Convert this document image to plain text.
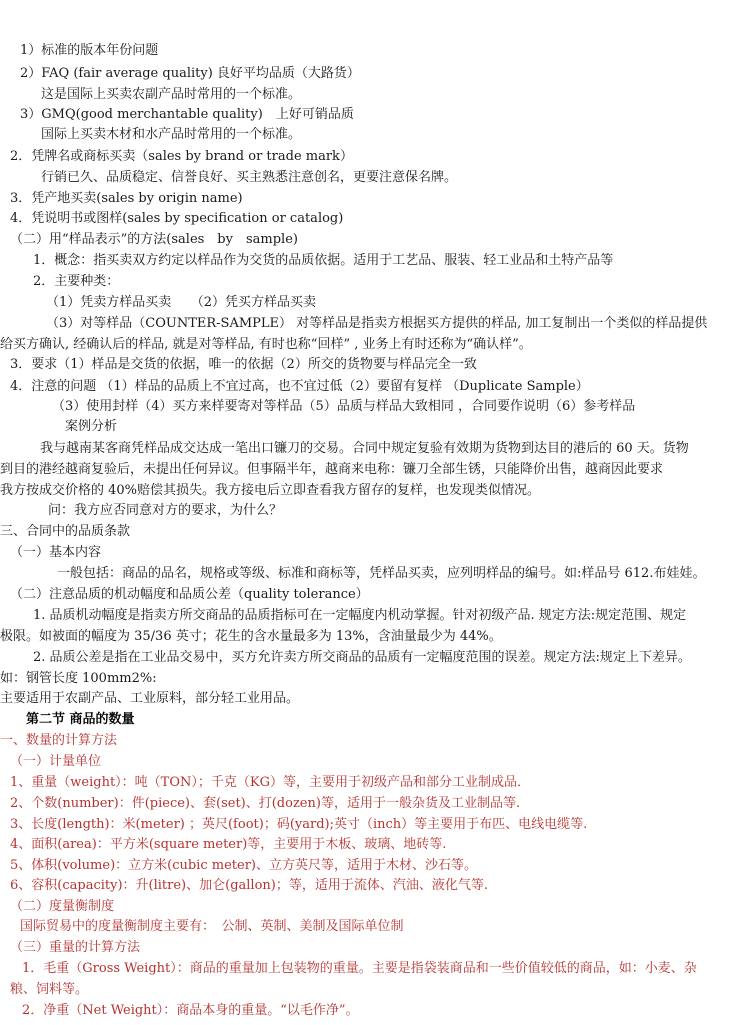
1）标准的版本年份问题
2）FAQ (fair average quality) 良好平均品质（大路货）
这是国际上买卖农副产品时常用的一个标准。
3）GMQ(good merchantable quality)　上好可销品质
国际上买卖木材和水产品时常用的一个标准。
2．凭牌名或商标买卖（sales by brand or trade mark）
行销已久、品质稳定、信誉良好、买主熟悉注意创名，更要注意保名牌。
3．凭产地买卖(sales by origin name)
4．凭说明书或图样(sales by specification or catalog)
（二）用“样品表示”的方法(sales　by　sample)
1．概念：指买卖双方约定以样品作为交货的品质依据。适用于工艺品、服装、轻工业品和土特产品等
2．主要种类：
（1）凭卖方样品买卖　　（2）凭买方样品买卖
（3）对等样品（COUNTER-SAMPLE） 对等样品是指卖方根据买方提供的样品, 加工复制出一个类似的样品提供
给买方确认, 经确认后的样品, 就是对等样品, 有时也称“回样” , 业务上有时还称为“确认样”。
3．要求（1）样品是交货的依据，唯一的依据（2）所交的货物要与样品完全一致
4．注意的问题 （1）样品的品质上不宜过高，也不宜过低（2）要留有复样 （Duplicate Sample）
（3）使用封样（4）买方来样要寄对等样品（5）品质与样品大致相同 ，合同要作说明（6）参考样品
案例分析
我与越南某客商凭样品成交达成一笔出口镰刀的交易。合同中规定复验有效期为货物到达目的港后的 60 天。货物
到目的港经越商复验后，未提出任何异议。但事隔半年，越商来电称：镰刀全部生锈，只能降价出售，越商因此要求
我方按成交价格的 40%赔偿其损失。我方接电后立即查看我方留存的复样，也发现类似情况。
问：我方应否同意对方的要求，为什么？
三、合同中的品质条款
（一）基本内容
一般包括：商品的品名，规格或等级、标准和商标等，凭样品买卖，应列明样品的编号。如:样品号 612.布娃娃。
（二）注意品质的机动幅度和品质公差（quality tolerance）
1. 品质机动幅度是指卖方所交商品的品质指标可在一定幅度内机动掌握。针对初级产品. 规定方法:规定范围、规定
极限。如被面的幅度为 35/36 英寸；花生的含水量最多为 13%，含油量最少为 44%。
2. 品质公差是指在工业品交易中，买方允许卖方所交商品的品质有一定幅度范围的误差。规定方法:规定上下差异。
如：钢管长度 100mm2%:
主要适用于农副产品、工业原料，部分轻工业用品。
第二节 商品的数量
一、数量的计算方法
（一）计量单位
1、重量（weight）：吨（TON）；千克（KG）等，主要用于初级产品和部分工业制成品．
2、个数(number)：件(piece)、套(set)、打(dozen)等，适用于一般杂货及工业制品等.
3、长度(length)：米(meter) ；英尺(foot)；码(yard);英寸（inch）等主要用于布匹、电线电缆等.
4、面积(area)：平方米(square meter)等，主要用于木板、玻璃、地砖等.
5、体积(volume)：立方米(cubic meter)、立方英尺等，适用于木材、沙石等。
6、容积(capacity)：升(litre)、加仑(gallon)；等，适用于流体、汽油、液化气等.
（二）度量衡制度
国际贸易中的度量衡制度主要有：　公制、英制、美制及国际单位制
（三）重量的计算方法
1．毛重（Gross Weight）：商品的重量加上包装物的重量。主要是指袋装商品和一些价值较低的商品，如：小麦、杂
粮、饲料等。
2．净重（Net Weight）：商品本身的重量。“以毛作净”。
